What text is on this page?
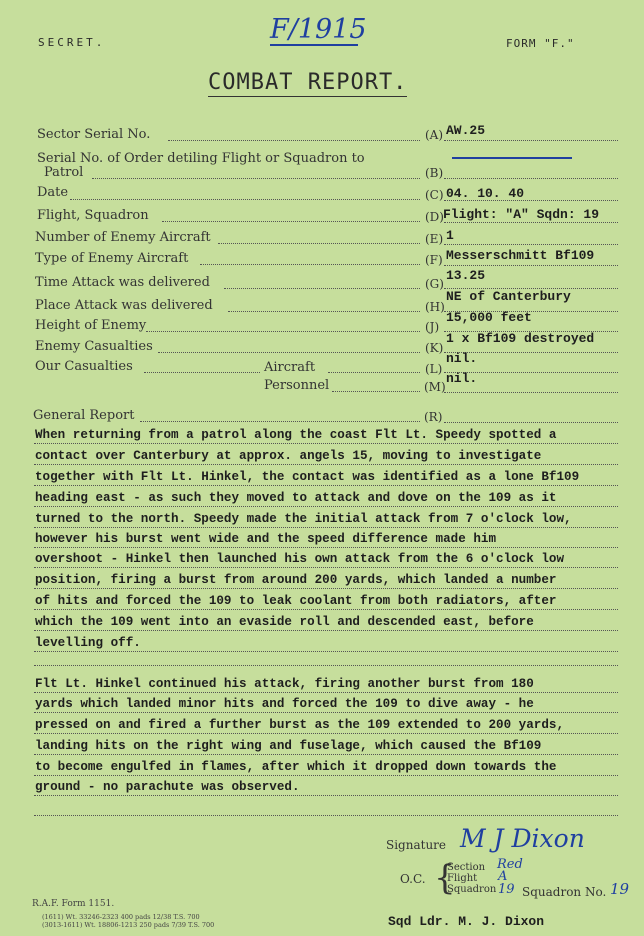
SECRET.	FORM "F."
F/1915
COMBAT REPORT.
Sector Serial No.	(A) AW.25
Serial No. of Order detiling Flight or Squadron to
Patrol	(B)
Date	(C) 04. 10. 40
Flight, Squadron	(D) Flight: "A" Sqdn: 19
Number of Enemy Aircraft	(E) 1
Type of Enemy Aircraft	(F) Messerschmitt Bf109
Time Attack was delivered	(G)
13.25
Place Attack was delivered	(H)
NE of Canterbury
Height of Enemy	(J)
15,000 feet
Enemy Casualties	(K)
1 x Bf109 destroyed
Our Casualties	Aircraft	(L)
nil.
Personnel	(M)
nil.
General Report	(R)
When returning from a patrol along the coast Flt Lt. Speedy spotted a
contact over Canterbury at approx. angels 15, moving to investigate
together with Flt Lt. Hinkel, the contact was identified as a lone Bf109
heading east - as such they moved to attack and dove on the 109 as it
turned to the north. Speedy made the initial attack from 7 o'clock low,
however his burst went wide and the speed difference made him
overshoot - Hinkel then launched his own attack from the 6 o'clock low
position, firing a burst from around 200 yards, which landed a number
of hits and forced the 109 to leak coolant from both radiators, after
which the 109 went into an evaside roll and descended east, before
levelling off.
Flt Lt. Hinkel continued his attack, firing another burst from 180
yards which landed minor hits and forced the 109 to dive away - he
pressed on and fired a further burst as the 109 extended to 200 yards,
landing hits on the right wing and fuselage, which caused the Bf109
to become engulfed in flames, after which it dropped down towards the
ground - no parachute was observed.
Signature M J Dixon
O.C. {
Section
Flight
Squadron
Red
A
19 Squadron No. 19
R.A.F. Form 1151.
(1611) Wt. 33246-2323 400 pads 12/38 T.S. 700
(3013-1611) Wt. 18806-1213 250 pads 7/39 T.S. 700	Sqd Ldr. M. J. Dixon
